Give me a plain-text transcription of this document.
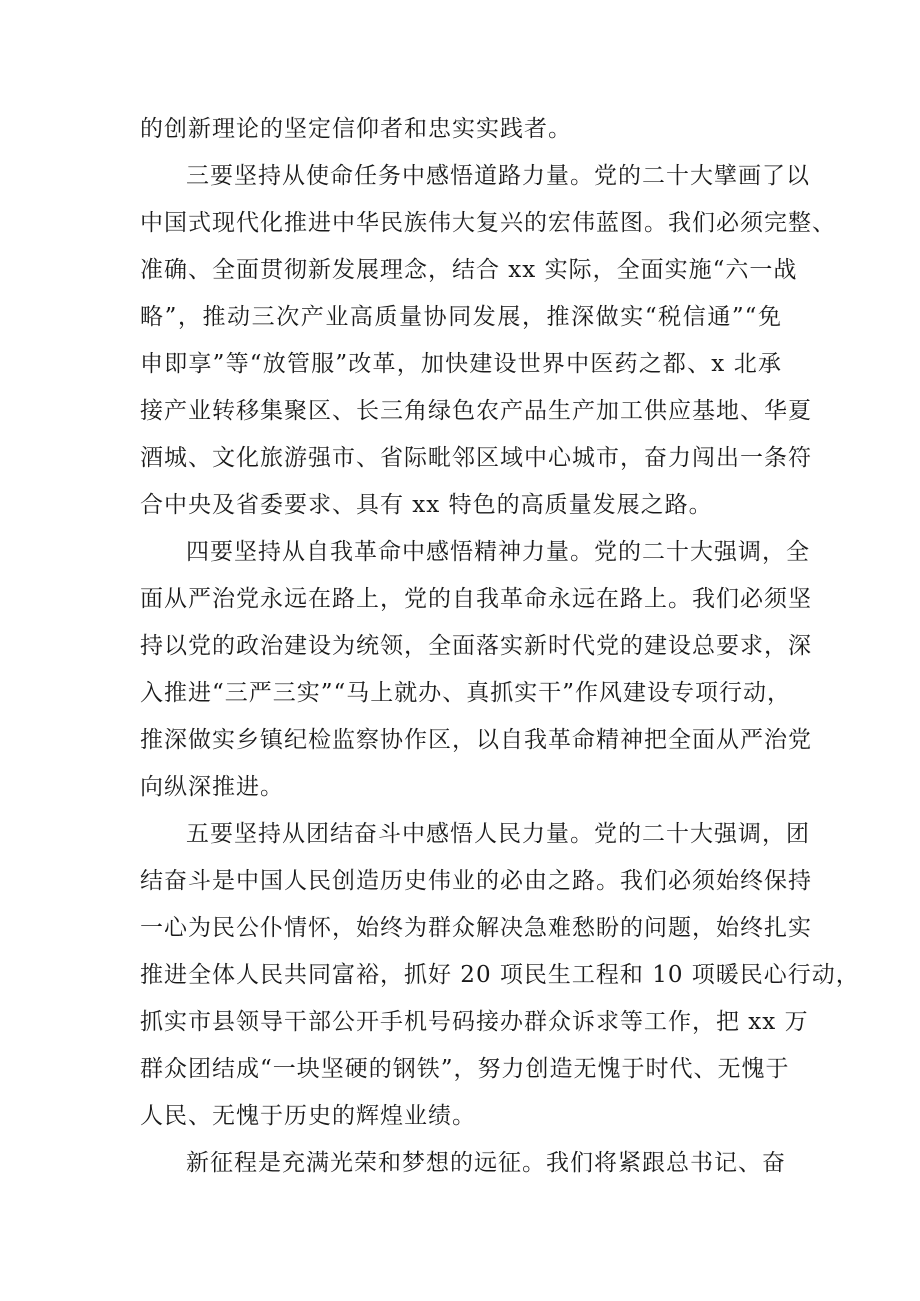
的创新理论的坚定信仰者和忠实实践者。
三要坚持从使命任务中感悟道路力量。党的二十大擘画了以
中国式现代化推进中华民族伟大复兴的宏伟蓝图。我们必须完整、
准确、全面贯彻新发展理念，结合 xx 实际，全面实施“六一战
略”，推动三次产业高质量协同发展，推深做实“税信通”“免
申即享”等“放管服”改革，加快建设世界中医药之都、x 北承
接产业转移集聚区、长三角绿色农产品生产加工供应基地、华夏
酒城、文化旅游强市、省际毗邻区域中心城市，奋力闯出一条符
合中央及省委要求、具有 xx 特色的高质量发展之路。
四要坚持从自我革命中感悟精神力量。党的二十大强调，全
面从严治党永远在路上，党的自我革命永远在路上。我们必须坚
持以党的政治建设为统领，全面落实新时代党的建设总要求，深
入推进“三严三实”“马上就办、真抓实干”作风建设专项行动，
推深做实乡镇纪检监察协作区，以自我革命精神把全面从严治党
向纵深推进。
五要坚持从团结奋斗中感悟人民力量。党的二十大强调，团
结奋斗是中国人民创造历史伟业的必由之路。我们必须始终保持
一心为民公仆情怀，始终为群众解决急难愁盼的问题，始终扎实
推进全体人民共同富裕，抓好 20 项民生工程和 10 项暖民心行动，
抓实市县领导干部公开手机号码接办群众诉求等工作，把 xx 万
群众团结成“一块坚硬的钢铁”，努力创造无愧于时代、无愧于
人民、无愧于历史的辉煌业绩。
新征程是充满光荣和梦想的远征。我们将紧跟总书记、奋
